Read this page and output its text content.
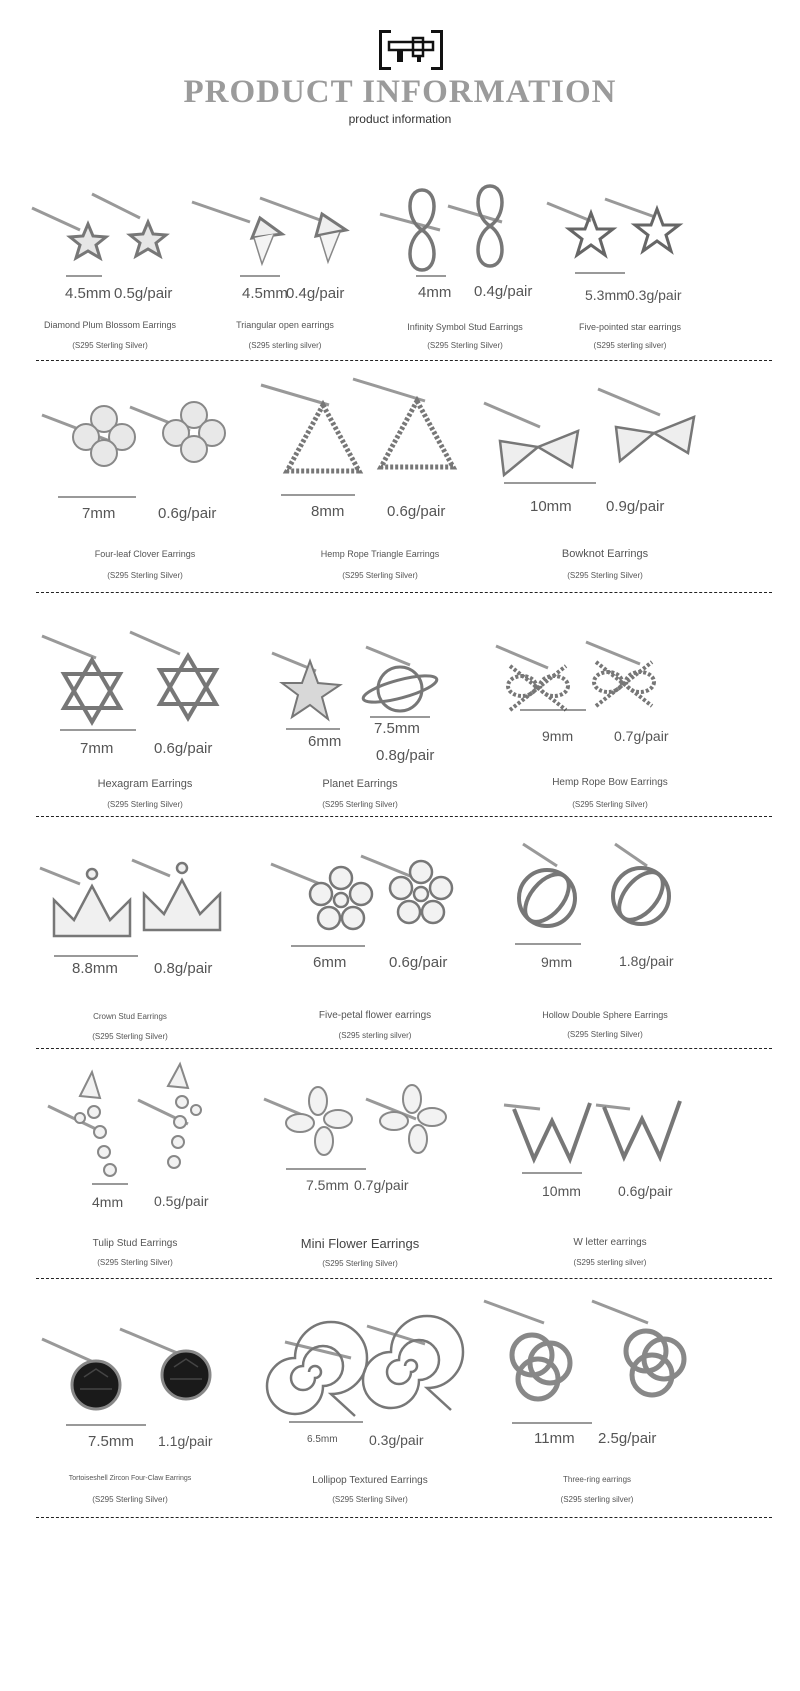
PRODUCT INFORMATION
product information
4.5mm 0.5g/pair
Diamond Plum Blossom Earrings
(S295 Sterling Silver)
4.5mm
0.4g/pair
Triangular open earrings
(S295 sterling silver)
4mm 0.4g/pair
Infinity Symbol Stud Earrings
(S295 Sterling Silver)
5.3mm 0.3g/pair
Five-pointed star earrings
(S295 sterling silver)
7mm	0.6g/pair
Four-leaf Clover Earrings
(S295 Sterling Silver)
8mm	0.6g/pair
Hemp Rope Triangle Earrings
(S295 Sterling Silver)
10mm 0.9g/pair
Bowknot Earrings
(S295 Sterling Silver)
7mm	0.6g/pair
Hexagram Earrings
(S295 Sterling Silver)
6mm
7.5mm
0.8g/pair
Planet Earrings
(S295 Sterling Silver)
9mm	0.7g/pair
Hemp Rope Bow Earrings
(S295 Sterling Silver)
8.8mm 0.8g/pair
Crown Stud Earrings
(S295 Sterling Silver)
6mm	0.6g/pair
Five-petal flower earrings
(S295 sterling silver)
9mm	1.8g/pair
Hollow Double Sphere Earrings
(S295 Sterling Silver)
4mm 0.5g/pair
Tulip Stud Earrings
(S295 Sterling Silver)
7.5mm 0.7g/pair
Mini Flower Earrings
(S295 Sterling Silver)
10mm	0.6g/pair
W letter earrings
(S295 sterling silver)
7.5mm 1.1g/pair
Tortoiseshell Zircon Four-Claw Earrings
(S295 Sterling Silver)
6.5mm 0.3g/pair
Lollipop Textured Earrings
(S295 Sterling Silver)
11mm 2.5g/pair
Three-ring earrings
(S295 sterling silver)
